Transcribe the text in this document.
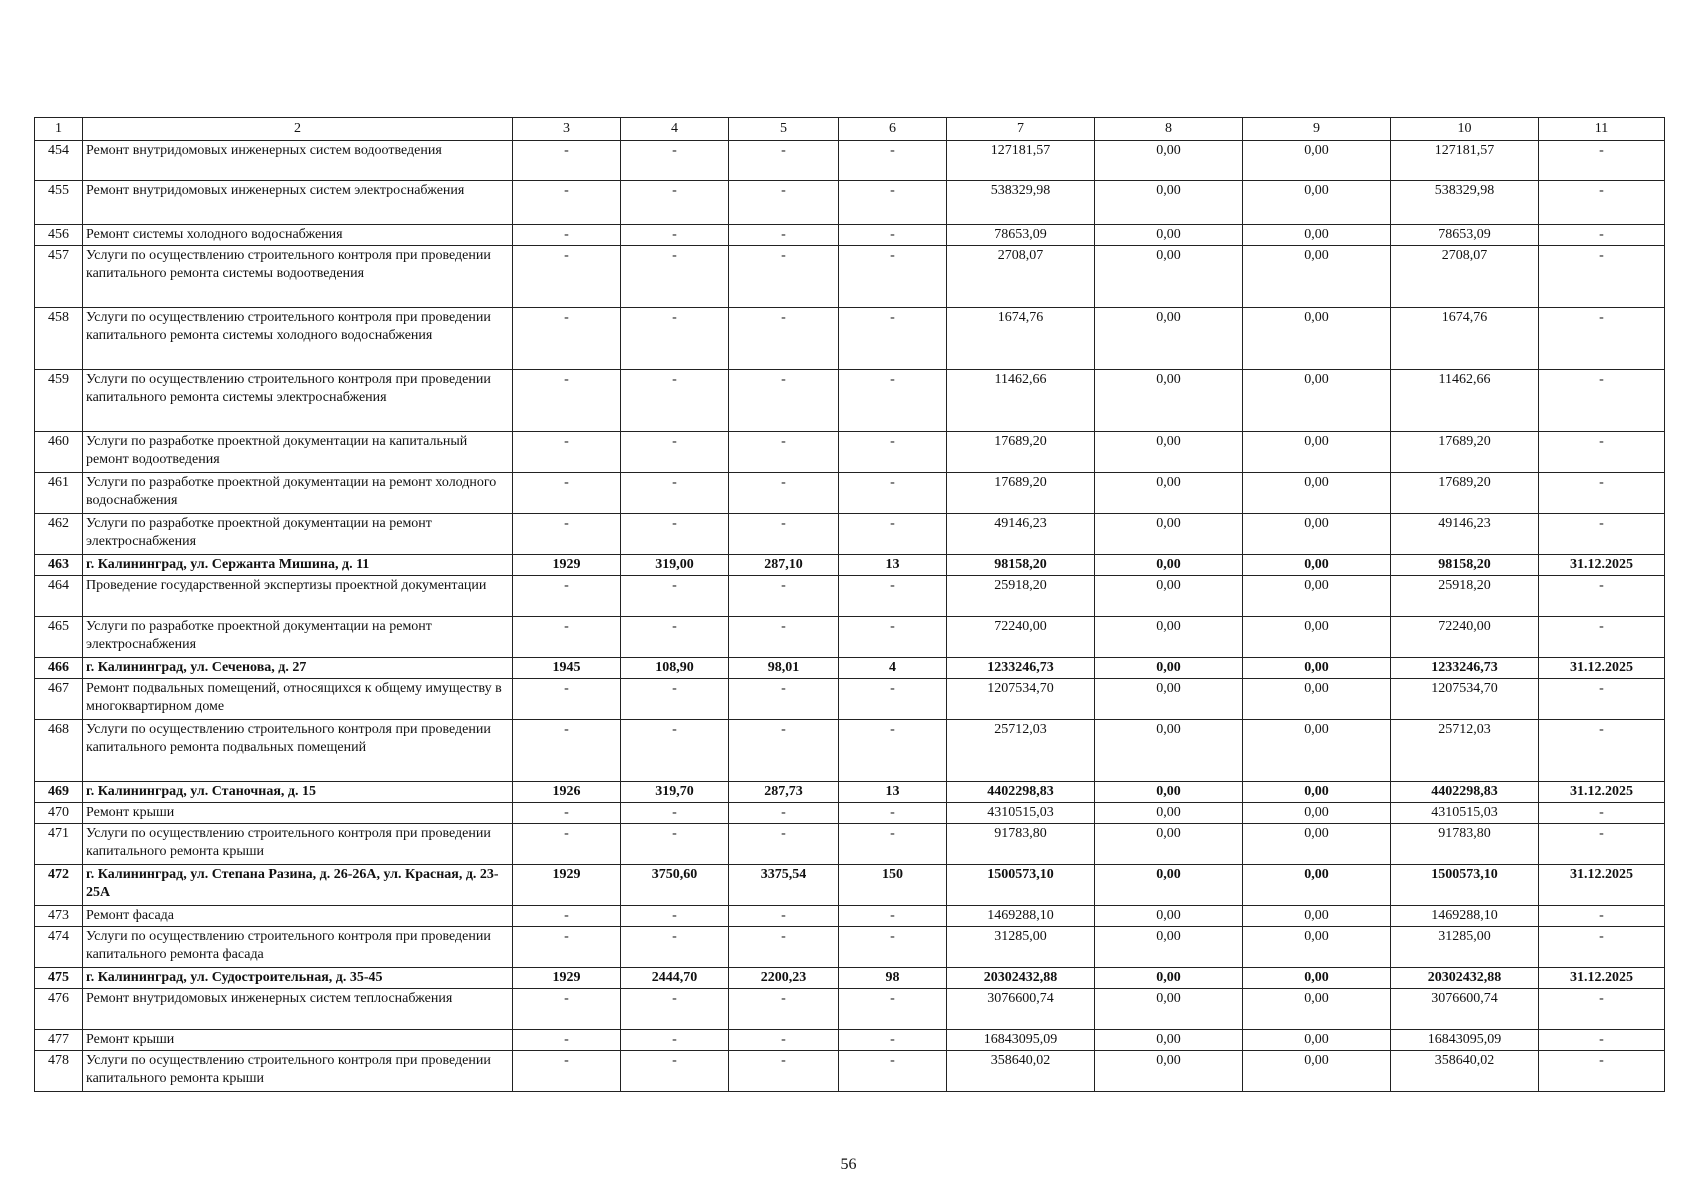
1	2	3	4	5	6	7	8	9	10	11
454	Ремонт внутридомовых инженерных систем водоотведения	-	-	-	-	127181,57	0,00	0,00	127181,57	-
455	Ремонт внутридомовых инженерных систем электроснабжения	-	-	-	-	538329,98	0,00	0,00	538329,98	-
456	Ремонт системы холодного водоснабжения	-	-	-	-	78653,09	0,00	0,00	78653,09	-
457	Услуги по осуществлению строительного контроля при проведении капитального ремонта системы водоотведения	-	-	-	-	2708,07	0,00	0,00	2708,07	-
458	Услуги по осуществлению строительного контроля при проведении капитального ремонта системы холодного водоснабжения	-	-	-	-	1674,76	0,00	0,00	1674,76	-
459	Услуги по осуществлению строительного контроля при проведении капитального ремонта системы электроснабжения	-	-	-	-	11462,66	0,00	0,00	11462,66	-
460	Услуги по разработке проектной документации на капитальный ремонт водоотведения	-	-	-	-	17689,20	0,00	0,00	17689,20	-
461	Услуги по разработке проектной документации на ремонт холодного водоснабжения	-	-	-	-	17689,20	0,00	0,00	17689,20	-
462	Услуги по разработке проектной документации на ремонт электроснабжения	-	-	-	-	49146,23	0,00	0,00	49146,23	-
463	г. Калининград, ул. Сержанта Мишина, д. 11	1929	319,00	287,10	13	98158,20	0,00	0,00	98158,20	31.12.2025
464	Проведение государственной экспертизы проектной документации	-	-	-	-	25918,20	0,00	0,00	25918,20	-
465	Услуги по разработке проектной документации на ремонт электроснабжения	-	-	-	-	72240,00	0,00	0,00	72240,00	-
466	г. Калининград, ул. Сеченова, д. 27	1945	108,90	98,01	4	1233246,73	0,00	0,00	1233246,73	31.12.2025
467	Ремонт подвальных помещений, относящихся к общему имуществу в многоквартирном доме	-	-	-	-	1207534,70	0,00	0,00	1207534,70	-
468	Услуги по осуществлению строительного контроля при проведении капитального ремонта подвальных помещений	-	-	-	-	25712,03	0,00	0,00	25712,03	-
469	г. Калининград, ул. Станочная, д. 15	1926	319,70	287,73	13	4402298,83	0,00	0,00	4402298,83	31.12.2025
470	Ремонт крыши	-	-	-	-	4310515,03	0,00	0,00	4310515,03	-
471	Услуги по осуществлению строительного контроля при проведении капитального ремонта крыши	-	-	-	-	91783,80	0,00	0,00	91783,80	-
472	г. Калининград, ул. Степана Разина, д. 26-26А, ул. Красная, д. 23-25А	1929	3750,60	3375,54	150	1500573,10	0,00	0,00	1500573,10	31.12.2025
473	Ремонт фасада	-	-	-	-	1469288,10	0,00	0,00	1469288,10	-
474	Услуги по осуществлению строительного контроля при проведении капитального ремонта фасада	-	-	-	-	31285,00	0,00	0,00	31285,00	-
475	г. Калининград, ул. Судостроительная, д. 35-45	1929	2444,70	2200,23	98	20302432,88	0,00	0,00	20302432,88	31.12.2025
476	Ремонт внутридомовых инженерных систем теплоснабжения	-	-	-	-	3076600,74	0,00	0,00	3076600,74	-
477	Ремонт крыши	-	-	-	-	16843095,09	0,00	0,00	16843095,09	-
478	Услуги по осуществлению строительного контроля при проведении капитального ремонта крыши	-	-	-	-	358640,02	0,00	0,00	358640,02	-
56
